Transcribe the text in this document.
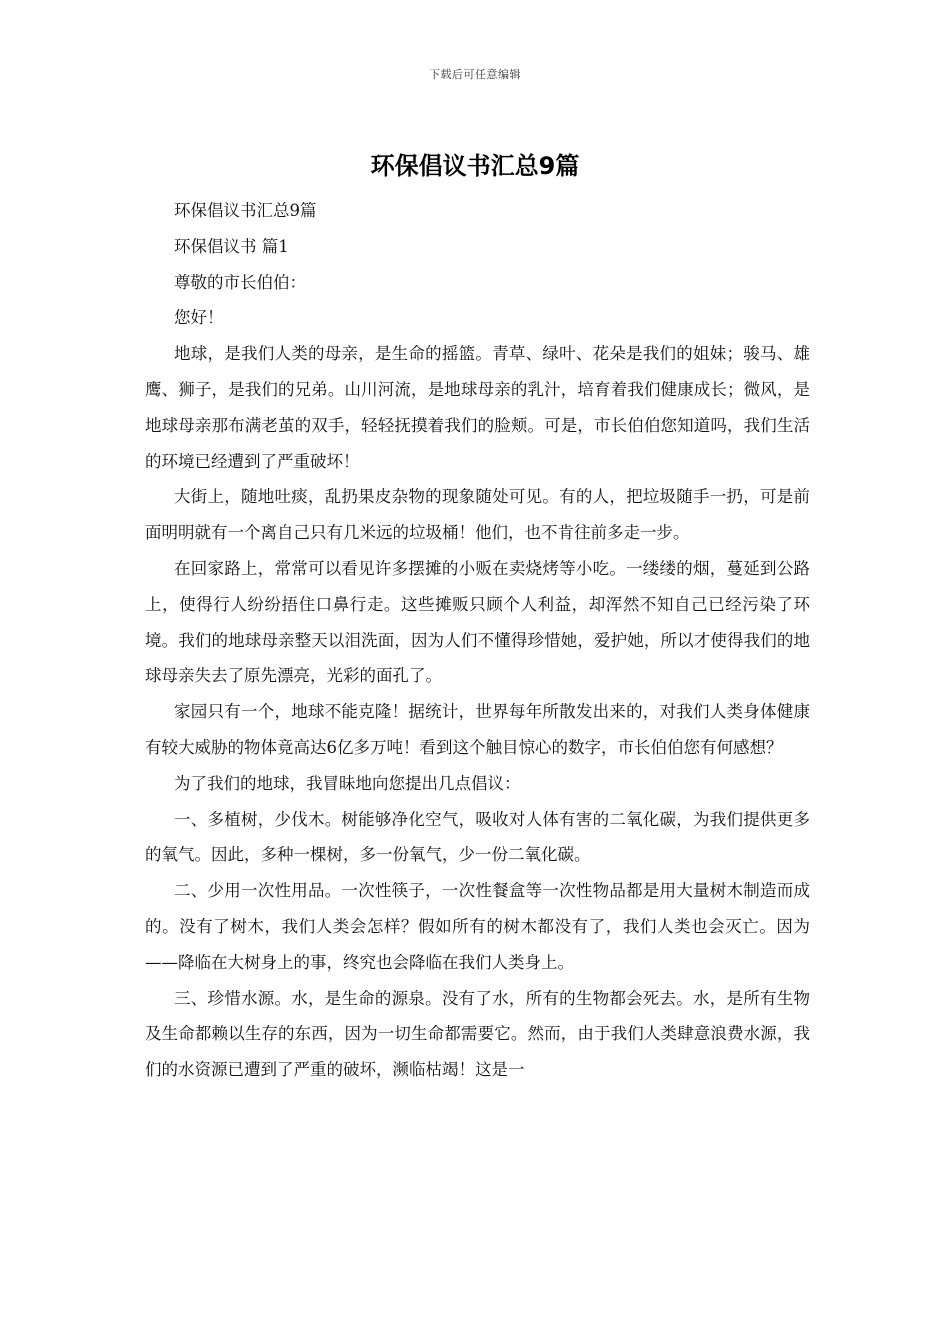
下载后可任意编辑
环保倡议书汇总9篇

环保倡议书汇总9篇

环保倡议书 篇1

尊敬的市长伯伯：

您好！

地球，是我们人类的母亲，是生命的摇篮。青草、绿叶、花朵是我们的姐妹；骏马、雄鹰、狮子，是我们的兄弟。山川河流，是地球母亲的乳汁，培育着我们健康成长；微风，是地球母亲那布满老茧的双手，轻轻抚摸着我们的脸颊。可是，市长伯伯您知道吗，我们生活的环境已经遭到了严重破坏！

大街上，随地吐痰，乱扔果皮杂物的现象随处可见。有的人，把垃圾随手一扔，可是前面明明就有一个离自己只有几米远的垃圾桶！他们，也不肯往前多走一步。

在回家路上，常常可以看见许多摆摊的小贩在卖烧烤等小吃。一缕缕的烟，蔓延到公路上，使得行人纷纷捂住口鼻行走。这些摊贩只顾个人利益，却浑然不知自己已经污染了环境。我们的地球母亲整天以泪洗面，因为人们不懂得珍惜她，爱护她，所以才使得我们的地球母亲失去了原先漂亮，光彩的面孔了。

家园只有一个，地球不能克隆！据统计，世界每年所散发出来的，对我们人类身体健康有较大威胁的物体竟高达6亿多万吨！看到这个触目惊心的数字，市长伯伯您有何感想？

为了我们的地球，我冒昧地向您提出几点倡议：

一、多植树，少伐木。树能够净化空气，吸收对人体有害的二氧化碳，为我们提供更多的氧气。因此，多种一棵树，多一份氧气，少一份二氧化碳。

二、少用一次性用品。一次性筷子，一次性餐盒等一次性物品都是用大量树木制造而成的。没有了树木，我们人类会怎样？假如所有的树木都没有了，我们人类也会灭亡。因为——降临在大树身上的事，终究也会降临在我们人类身上。

三、珍惜水源。水，是生命的源泉。没有了水，所有的生物都会死去。水，是所有生物及生命都赖以生存的东西，因为一切生命都需要它。然而，由于我们人类肆意浪费水源，我们的水资源已遭到了严重的破坏，濒临枯竭！这是一
